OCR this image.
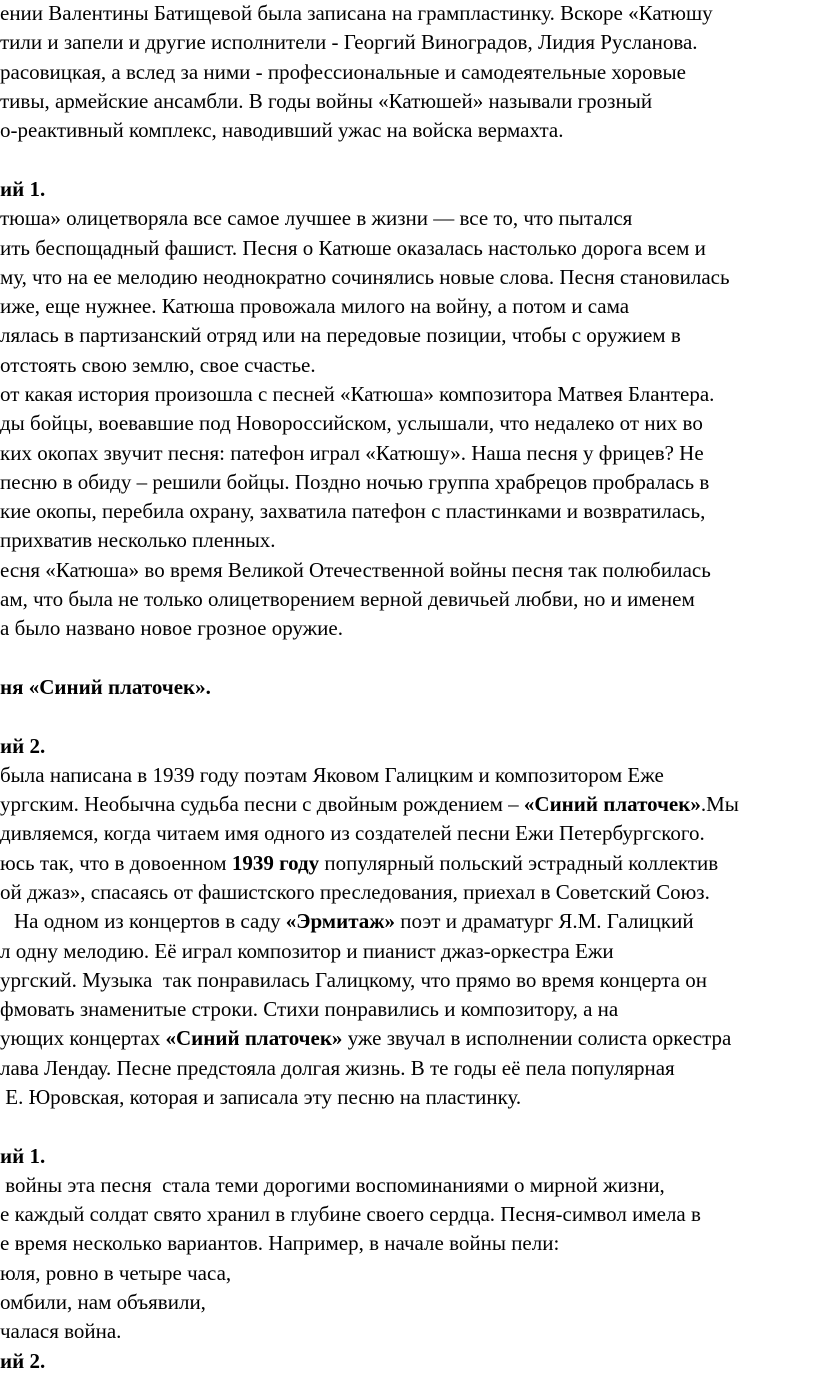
ении Валентины Батищевой была записана на грампластинку. Вскоре «Катюшу

тили и запели и другие исполнители - Георгий Виноградов, Лидия Русланова.

расовицкая, а вслед за ними - профессиональные и самодеятельные хоровые

тивы, армейские ансамбли. В годы войны «Катюшей» называли грозный

о-реактивный комплекс, наводивший ужас на войска вермахта.

ий 1.

тюша» олицетворяла все самое лучшее в жизни — все то, что пытался

ить беспощадный фашист. Песня о Катюше оказалась настолько дорога всем и

му, что на ее мелодию неоднократно сочинялись новые слова. Песня становилась

иже, еще нужнее. Катюша провожала милого на войну, а потом и сама

лялась в партизанский отряд или на передовые позиции, чтобы с оружием в

отстоять свою землю, свое счастье.

от какая история произошла с песней «Катюша» композитора Матвея Блантера.

ды бойцы, воевавшие под Новороссийском, услышали, что недалеко от них во

ких окопах звучит песня: патефон играл «Катюшу». Наша песня у фрицев? Не

песню в обиду – решили бойцы. Поздно ночью группа храбрецов пробралась в

кие окопы, перебила охрану, захватила патефон с пластинками и возвратилась,

прихватив несколько пленных.

есня «Катюша» во время Великой Отечественной войны песня так полюбилась

ам, что была не только олицетворением верной девичьей любви, но и именем

а было названо новое грозное оружие.

ня «Синий платочек».

ий 2.

была написана в 1939 году поэтам Яковом Галицким и композитором Еже

ургским. Необычна судьба песни с двойным рождением – «Синий платочек».Мы

дивляемся, когда читаем имя одного из создателей песни Ежи Петербургского.

юсь так, что в довоенном 1939 году популярный польский эстрадный коллектив

ой джаз», спасаясь от фашистского преследования, приехал в Советский Союз.

На одном из концертов в саду «Эрмитаж» поэт и драматург Я.М. Галицкий

л одну мелодию. Её играл композитор и пианист джаз-оркестра Ежи

ургский. Музыка  так понравилась Галицкому, что прямо во время концерта он

фмовать знаменитые строки. Стихи понравились и композитору, а на

ующих концертах «Синий платочек» уже звучал в исполнении солиста оркестра

лава Лендау. Песне предстояла долгая жизнь. В те годы её пела популярная

Е. Юровская, которая и записала эту песню на пластинку.

ий 1.

войны эта песня  стала теми дорогими воспоминаниями о мирной жизни,

е каждый солдат свято хранил в глубине своего сердца. Песня-символ имела в

е время несколько вариантов. Например, в начале войны пели:

юля, ровно в четыре часа,

омбили, нам объявили,

чалася война.

ий 2.
